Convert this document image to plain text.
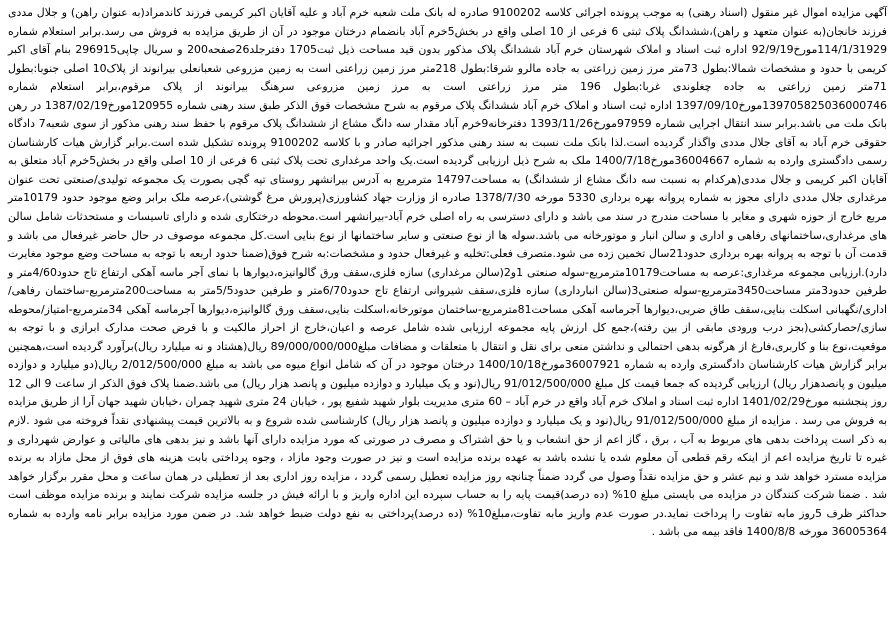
آگهی مزایده اموال غیر منقول (اسناد رهنی) به موجب پرونده اجرائی کلاسه 9100202 صادره له بانک ملت شعبه خرم آباد و علیه آقایان اکبر کریمی فرزند کاندمراد(به عنوان راهن) و جلال مددی فرزند خانجان(به عنوان متعهد و راهن)،ششدانگ پلاک ثبتی 6 فرعی از 10 اصلی واقع در بخش5خرم آباد بانضمام درختان موجود در آن از طریق مزایده به فروش می رسد.برابر استعلام شماره 114/1/31929مورخ92/9/19 اداره ثبت اسناد و املاک شهرستان خرم آباد ششدانگ پلاک مذکور بدون قید مساحت ذیل ثبت1705 دفترجلد26صفحه200 و سریال چاپی296915 بنام آقای اکبر کریمی با حدود و مشخصات شمالا:بطول 73متر مرز زمین زراعتی به جاده مالرو شرقا:بطول 218متر مرز زمین زراعتی است به زمین مزروعی شعبانعلی بیرانوند از پلاک10 اصلی جنوبا:بطول 71متر زمین زراعتی به جاده چغلوندی غربا:بطول 196 متر مرز زراعتی است به مرز زمین مزروعی سرهنگ بیرانوند از پلاک مرقوم،برابر استعلام شماره 139705825036000746مورخ1397/09/10 اداره ثبت اسناد و املاک خرم آباد ششدانگ پلاک مرقوم به شرح مشخصات فوق الذکر طبق سند رهنی شماره 120955مورخ1387/02/19 در رهن بانک ملت می باشد.برابر سند انتقال اجرایی شماره 97959مورخ1393/11/26 دفترخانه9خرم آباد مقدار سه دانگ مشاع از ششدانگ پلاک مرقوم با حفظ سند رهنی مذکور از سوی شعبه7 دادگاه حقوقی خرم آباد به آقای جلال مددی واگذار گردیده است.لذا بانک ملت نسبت به سند رهنی مذکور اجرائیه صادر و با کلاسه 9100202 پرونده تشکیل شده است.برابر گزارش هیات کارشناسان رسمی دادگستری وارده به شماره 36004667مورخ1400/7/18 ملک به شرح ذیل ارزیابی گردیده است.یک واحد مرغداری تحت پلاک ثبتی 6 فرعی از 10 اصلی واقع در بخش5خرم آباد متعلق به آقایان اکبر کریمی و جلال مددی(هرکدام به نسبت سه دانگ مشاع از ششدانگ) به مساحت14797 مترمربع به آدرس بیرانشهر روستای تپه گچی بصورت یک مجموعه تولیدی/صنعتی تحت عنوان مرغداری جلال مددی دارای مجوز به شماره پروانه بهره برداری 5330 مورخه 1378/7/30 صادره از وزارت جهاد کشاورزی(پرورش مرغ گوشتی)،عرصه ملک برابر وضع موجود حدود 10179متر مربع خارج از حوزه شهری و مغایر با مساحت مندرج در سند می باشد و دارای دسترسی به راه اصلی خرم آباد-بیرانشهر است.محوطه درختکاری شده و دارای تاسیسات و مستحدثات شامل سالن های مرغداری،ساختمانهای رفاهی و اداری و سالن انبار و موتورخانه می باشد.سوله ها از نوع صنعتی و سایر ساختمانها از نوع بنایی است.کل مجموعه موصوف در حال حاضر غیرفعال می باشد و قدمت آن با توجه به پروانه بهره برداری حدود21سال تخمین زده می شود.متصرف فعلی:تخلیه و غیرفعال حدود و مشخصات:به شرح فوق(ضمنا حدود اربعه با توجه به مساحت وضع موجود مغایرت دارد).ارزیابی مجموعه مرغداری:عرصه به مساحت10179مترمربع-سوله صنعتی 1و2(سالن مرغداری) سازه فلزی،سقف ورق گالوانیزه،دیوارها با نمای آجر ماسه آهکی ارتفاع تاج حدود4/60متر و طرفین حدود3متر مساحت3450مترمربع-سوله صنعتی3(سالن انبارداری) سازه فلزی،سقف شیروانی ارتفاع تاج حدود6/70متر و طرفین حدود5/5متر به مساحت200مترمربع-ساختمان رفاهی/اداری/نگهبانی اسکلت بنایی،سقف طاق ضربی،دیوارها آجرماسه آهکی مساحت81مترمربع-ساختمان موتورخانه،اسکلت بنایی،سقف ورق گالوانیزه،دیوارها آجرماسه آهکی 34مترمربع-امتیاز/محوطه سازی/حصارکشی(بجز درب ورودی مابقی از بین رفته)،جمع کل ارزش پایه مجموعه ارزیابی شده شامل عرصه و اعیان،خارج از احراز مالکیت و با فرض صحت مدارک ابرازی و با توجه به موقعیت،نوع بنا و کاربری،فارغ از هرگونه بدهی احتمالی و نداشتن منعی برای نقل و انتقال با متعلقات و مضافات مبلغ89/000/000/000 ریال(هشتاد و نه میلیارد ریال)برآورد گردیده است،همچنین برابر گزارش هیات کارشناسان دادگستری وارده به شماره 36007921مورخ1400/10/18 درختان موجود در آن که شامل انواع میوه می باشد به مبلغ 2/012/500/000 ریال(دو میلیارد و دوازده میلیون و پانصدهزار ریال) ارزیابی گردیده که جمعا قیمت کل مبلغ 91/012/500/000 ریال(نود و یک میلیارد و دوازده میلیون و پانصد هزار ریال) می باشد.ضمنا پلاک فوق الذکر از ساعت 9 الی 12 روز پنجشنبه مورخ1401/02/29 اداره ثبت اسناد و املاک خرم آباد واقع در خرم آباد – 60 متری مدیریت بلوار شهید شفیع پور ، خیابان 24 متری شهید چمران ،خیابان شهید جهان آرا از طریق مزایده به فروش می رسد . مزایده از مبلغ 91/012/500/000 ریال(نود و یک میلیارد و دوازده میلیون و پانصد هزار ریال) کارشناسی شده شروع و به بالاترین قیمت پیشنهادی نقداً فروخته می شود .لازم به ذکر است پرداخت بدهی های مربوط به آب ، برق ، گاز اعم از حق انشعاب و یا حق اشتراک و مصرف در صورتی که مورد مزایده دارای آنها باشد و نیز بدهی های مالیاتی و عوارض شهرداری و غیره تا تاریخ مزایده اعم از اینکه رقم قطعی آن معلوم شده یا نشده باشد به عهده برنده مزایده است و نیز در صورت وجود مازاد ، وجوه پرداختی بابت هزینه های فوق از محل مازاد به برنده مزایده مسترد خواهد شد و نیم عشر و حق مزایده نقداً وصول می گردد ضمناً چنانچه روز مزایده تعطیل رسمی گردد ، مزایده روز اداری بعد از تعطیلی در همان ساعت و محل مقرر برگزار خواهد شد . ضمنا شرکت کنندگان در مزایده می بایستی مبلغ 10% (ده درصد)قیمت پایه را به حساب سپرده این اداره واریز و با ارائه فیش در جلسه مزایده شرکت نمایند و برنده مزایده موظف است حداکثر ظرف 5روز مابه تفاوت را پرداخت نماید.در صورت عدم واریز مابه تفاوت،مبلغ10% (ده درصد)پرداختی به نفع دولت ضبط خواهد شد. در ضمن مورد مزایده برابر نامه وارده به شماره 36005364 مورخه 1400/8/8 فاقد بیمه می باشد .
